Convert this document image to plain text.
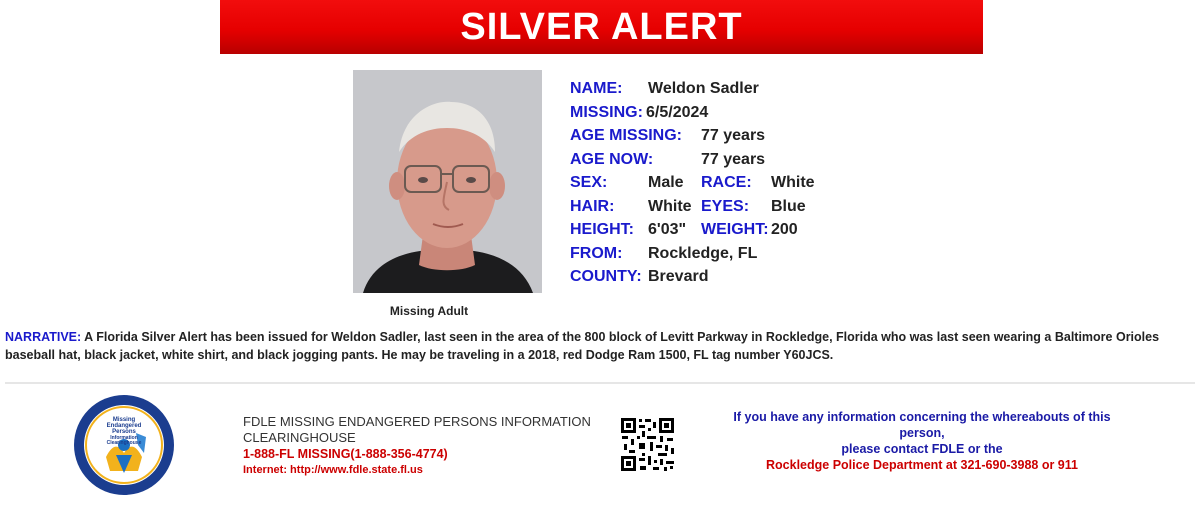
SILVER ALERT
Missing Adult
NAME: Weldon Sadler
MISSING: 6/5/2024
AGE MISSING: 77 years
AGE NOW:	77 years
SEX:	Male RACE: White
HAIR: White EYES: Blue
HEIGHT: 6'03" WEIGHT: 200
FROM: Rockledge, FL
COUNTY: Brevard
NARRATIVE: A Florida Silver Alert has been issued for Weldon Sadler, last seen in the area of the 800 block of Levitt Parkway in Rockledge, Florida who was last seen wearing a Baltimore Orioles baseball hat, black jacket, white shirt, and black jogging pants. He may be traveling in a 2018, red Dodge Ram 1500, FL tag number Y60JCS.
Missing
Endangered
Persons
Information
Clearinghouse
FDLE MISSING ENDANGERED PERSONS INFORMATION CLEARINGHOUSE
1-888-FL MISSING(1-888-356-4774)
Internet: http://www.fdle.state.fl.us
If you have any information concerning the whereabouts of this person,
please contact FDLE or the
Rockledge Police Department at 321-690-3988 or 911
